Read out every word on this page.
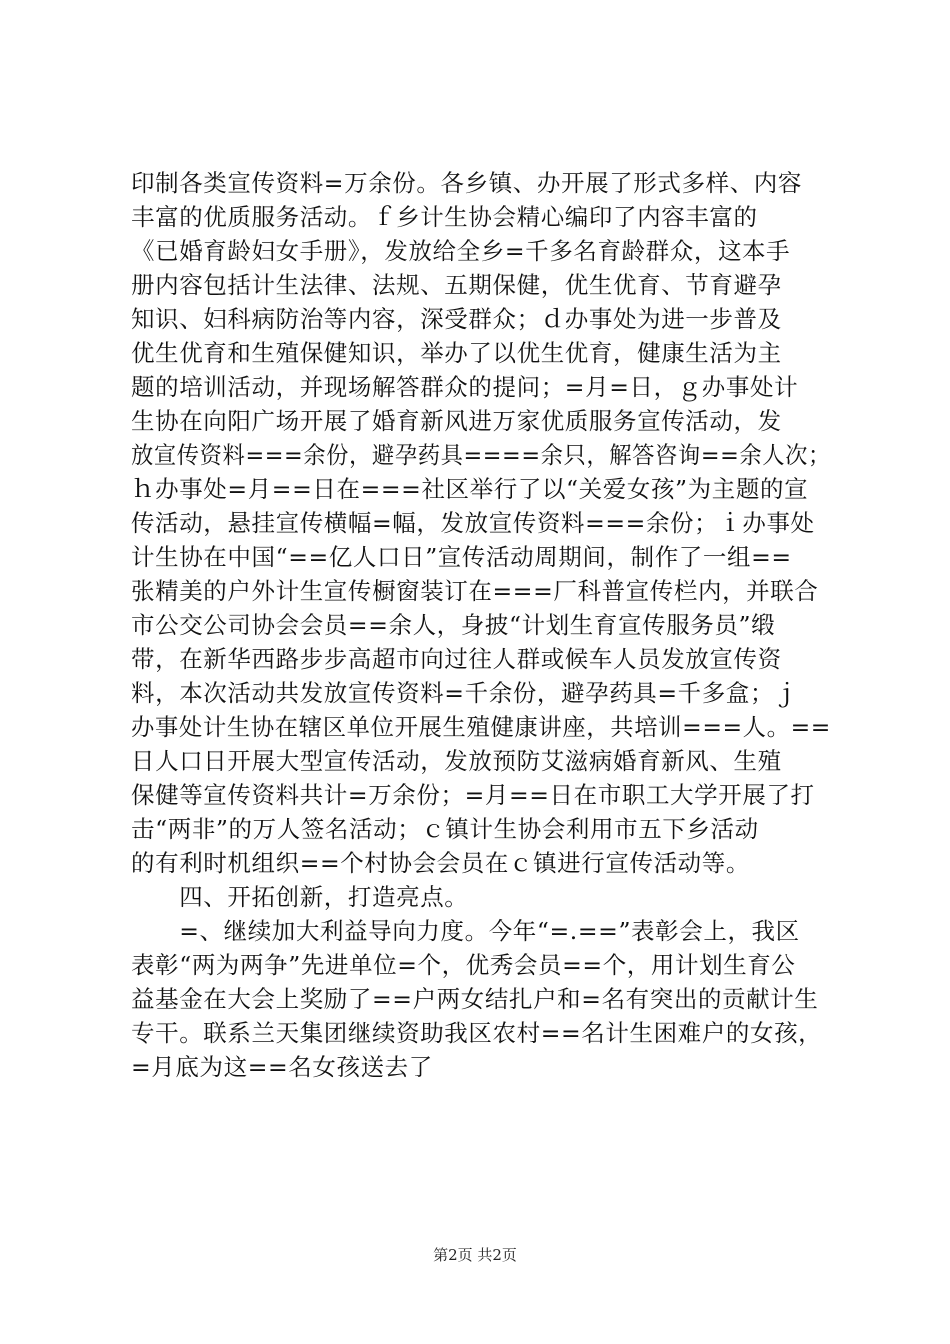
印制各类宣传资料=万余份。各乡镇、办开展了形式多样、内容
丰富的优质服务活动。ｆ乡计生协会精心编印了内容丰富的
《已婚育龄妇女手册》，发放给全乡=千多名育龄群众，这本手
册内容包括计生法律、法规、五期保健，优生优育、节育避孕
知识、妇科病防治等内容，深受群众；ｄ办事处为进一步普及
优生优育和生殖保健知识，举办了以优生优育，健康生活为主
题的培训活动，并现场解答群众的提问；=月=日，ｇ办事处计
生协在向阳广场开展了婚育新风进万家优质服务宣传活动，发
放宣传资料===余份，避孕药具====余只，解答咨询==余人次；
ｈ办事处=月==日在===社区举行了以“关爱女孩”为主题的宣
传活动，悬挂宣传横幅=幅，发放宣传资料===余份；ｉ办事处
计生协在中国“==亿人口日”宣传活动周期间，制作了一组==
张精美的户外计生宣传橱窗装订在===厂科普宣传栏内，并联合
市公交公司协会会员==余人，身披“计划生育宣传服务员”缎
带，在新华西路步步高超市向过往人群或候车人员发放宣传资
料，本次活动共发放宣传资料=千余份，避孕药具=千多盒；ｊ
办事处计生协在辖区单位开展生殖健康讲座，共培训===人。==
日人口日开展大型宣传活动，发放预防艾滋病婚育新风、生殖
保健等宣传资料共计=万余份；=月==日在市职工大学开展了打
击“两非”的万人签名活动；ｃ镇计生协会利用市五下乡活动
的有利时机组织==个村协会会员在ｃ镇进行宣传活动等。
　　四、开拓创新，打造亮点。
　　=、继续加大利益导向力度。今年“=.==”表彰会上，我区
表彰“两为两争”先进单位=个，优秀会员==个，用计划生育公
益基金在大会上奖励了==户两女结扎户和=名有突出的贡献计生
专干。联系兰天集团继续资助我区农村==名计生困难户的女孩，
=月底为这==名女孩送去了
第2页 共2页
